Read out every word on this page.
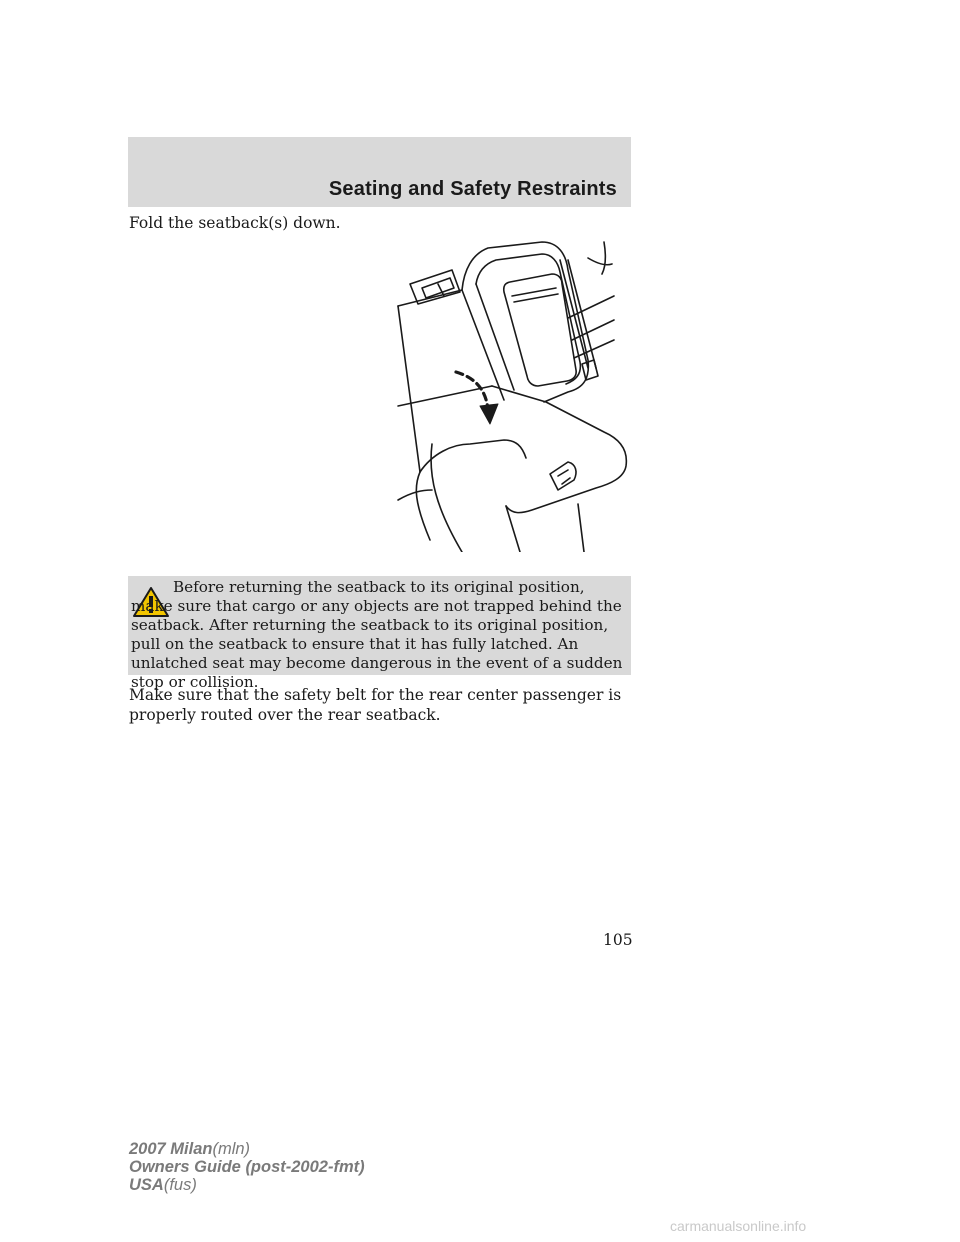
Seating and Safety Restraints
Fold the seatback(s) down.

Before returning the seatback to its original position, make sure that cargo or any objects are not trapped behind the seatback. After returning the seatback to its original position, pull on the seatback to ensure that it has fully latched. An unlatched seat may become dangerous in the event of a sudden stop or collision.

Make sure that the safety belt for the rear center passenger is properly routed over the rear seatback.

105
2007 Milan(mln)
Owners Guide (post-2002-fmt)
USA(fus)
carmanualsonline.info
